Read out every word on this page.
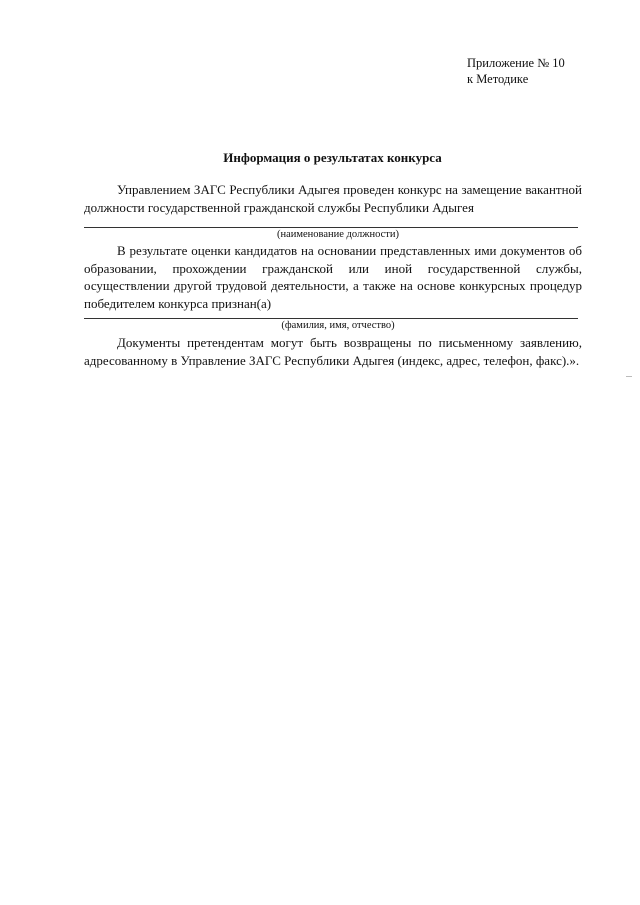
Приложение № 10
к Методике
Информация о результатах конкурса
Управлением ЗАГС Республики Адыгея проведен конкурс на замещение вакантной должности государственной гражданской службы Республики Адыгея
(наименование должности)
В результате оценки кандидатов на основании представленных ими документов об образовании, прохождении гражданской или иной государственной службы, осуществлении другой трудовой деятельности, а также на основе конкурсных процедур победителем конкурса признан(а)
(фамилия, имя, отчество)
Документы претендентам могут быть возвращены по письменному заявлению, адресованному в Управление ЗАГС Республики Адыгея (индекс, адрес, телефон, факс).».
